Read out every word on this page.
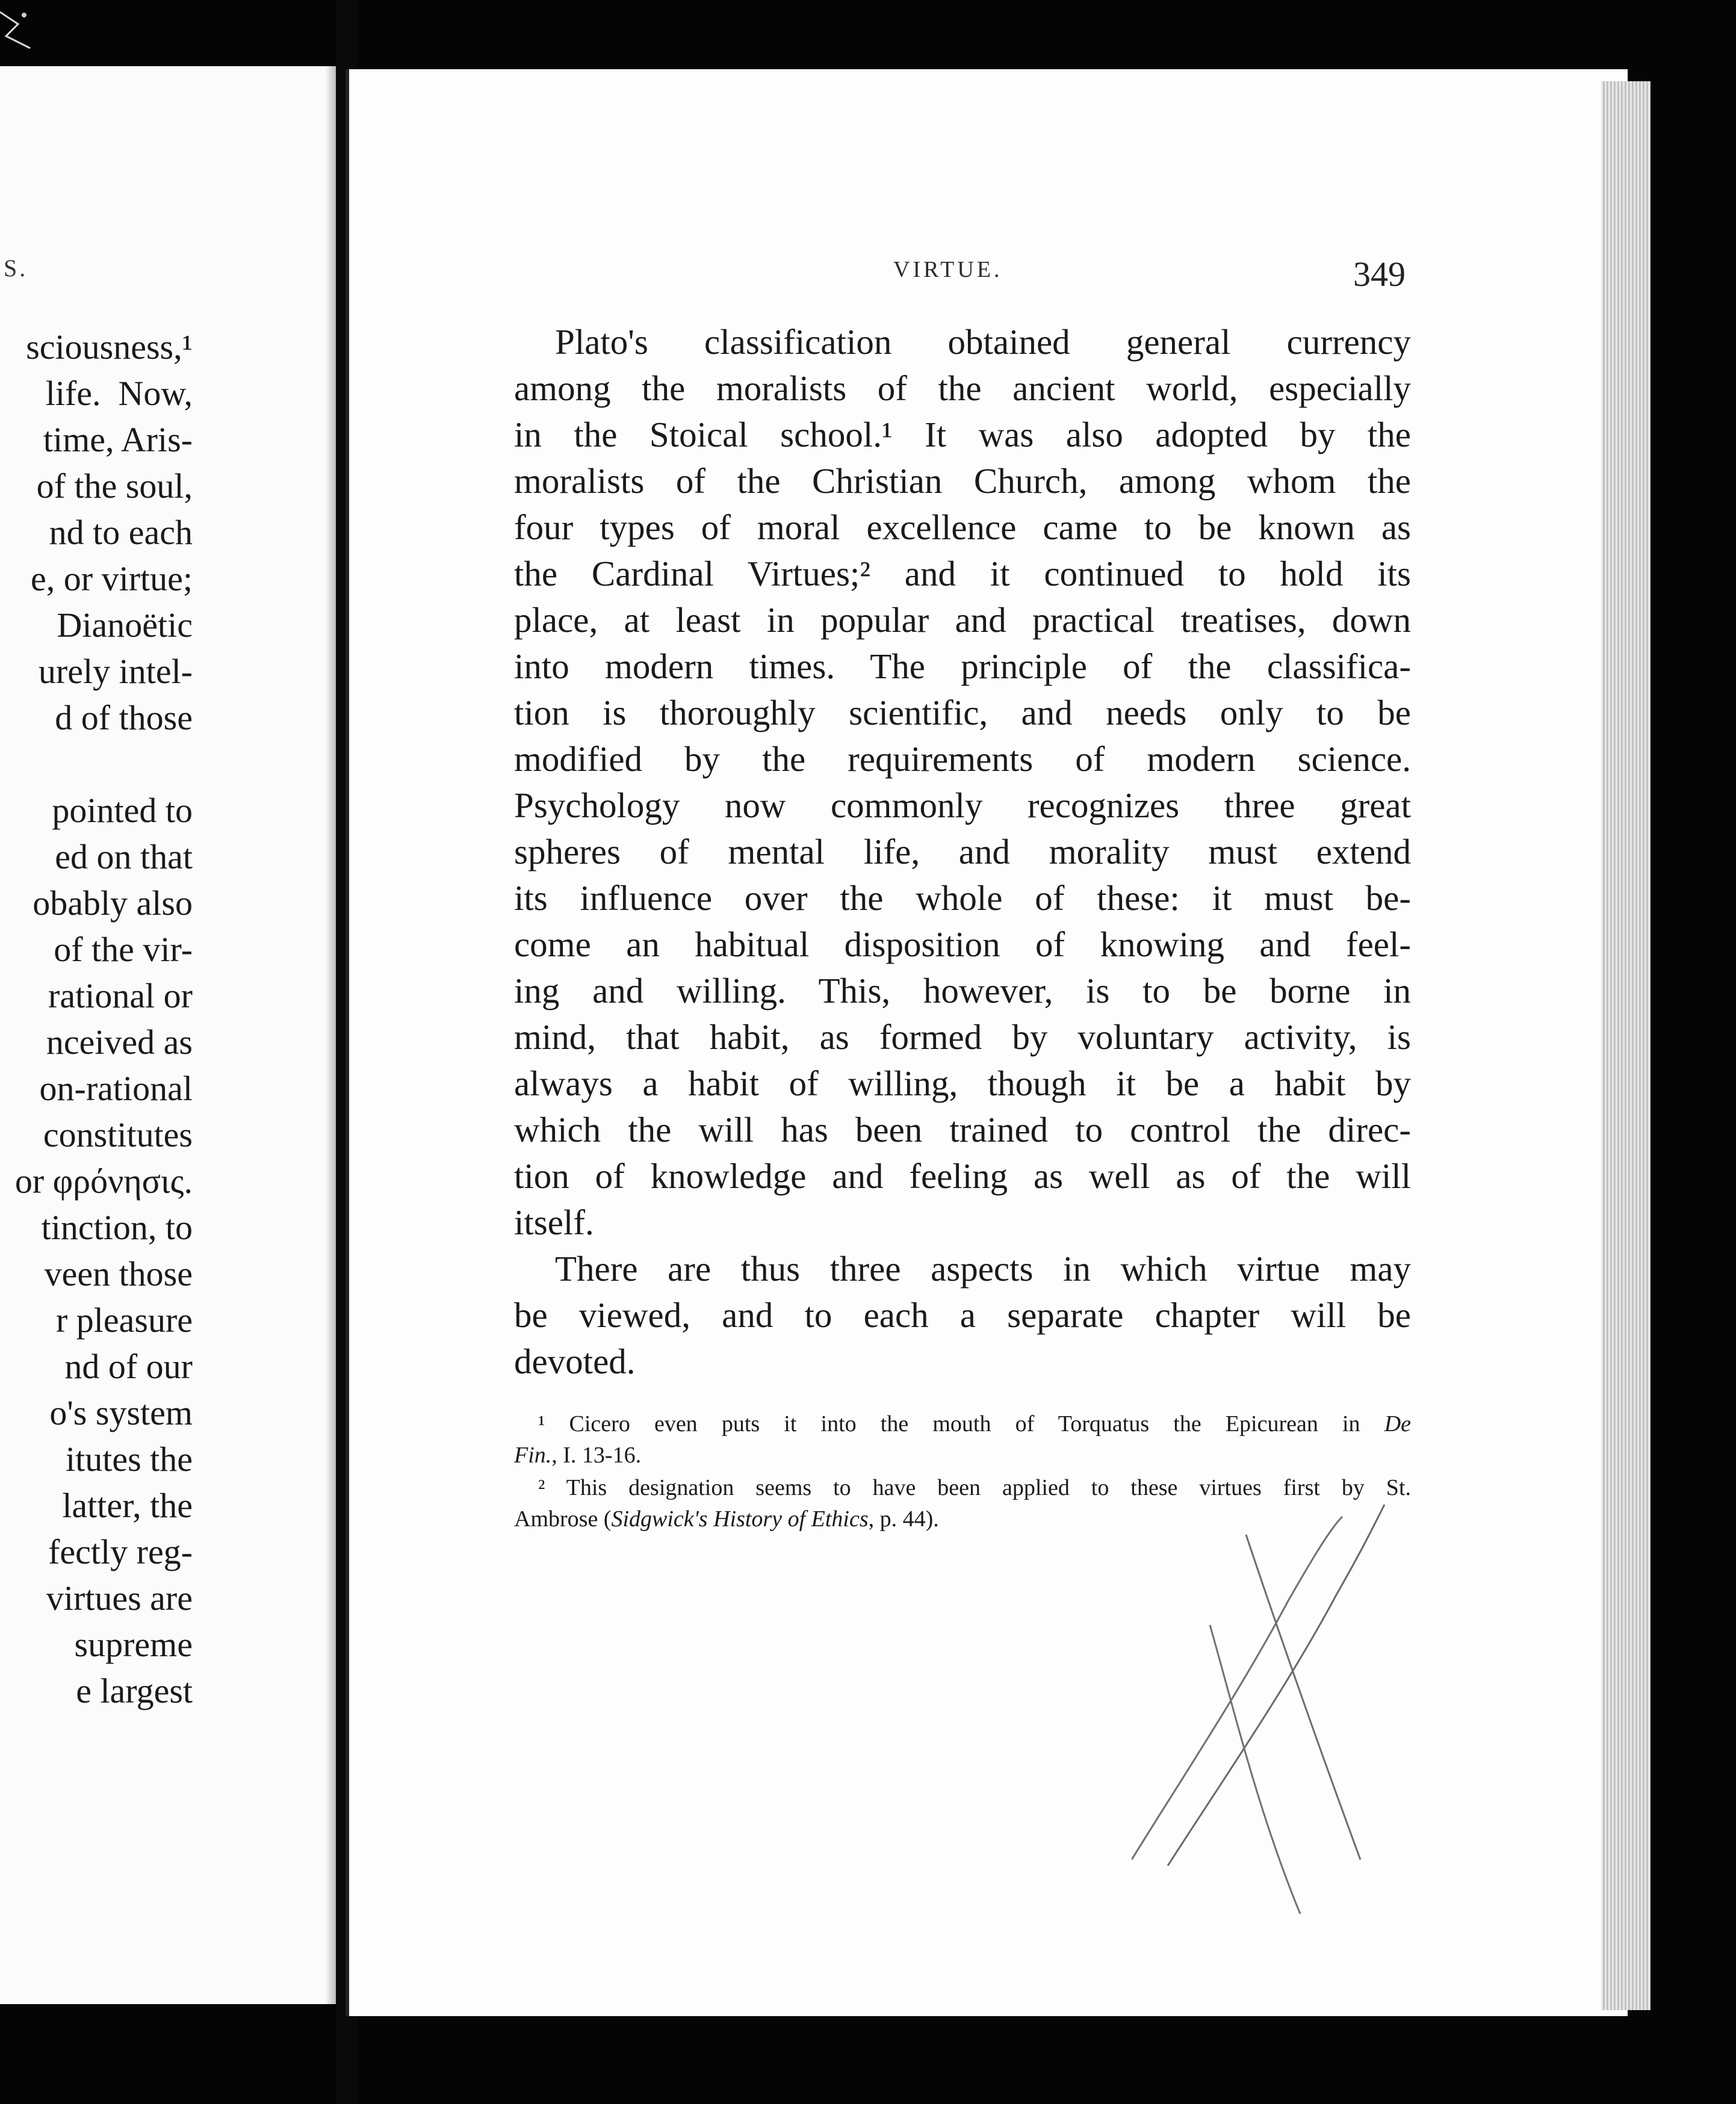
S.
sciousness,¹
life.  Now,
time, Aris-
of the soul,
nd to each
e, or virtue;
Dianoëtic
urely intel-
d of those
pointed to
ed on that
obably also
of the vir-
rational or
nceived as
on-rational
constitutes
or φρόνησις.
tinction, to
veen those
r pleasure
nd of our
o's system
itutes the
latter, the
fectly reg-
virtues are
supreme
e largest
VIRTUE.	349
Plato's classification obtained general currency
among the moralists of the ancient world, especially
in the Stoical school.¹ It was also adopted by the
moralists of the Christian Church, among whom the
four types of moral excellence came to be known as
the Cardinal Virtues;² and it continued to hold its
place, at least in popular and practical treatises, down
into modern times. The principle of the classifica-
tion is thoroughly scientific, and needs only to be
modified by the requirements of modern science.
Psychology now commonly recognizes three great
spheres of mental life, and morality must extend
its influence over the whole of these: it must be-
come an habitual disposition of knowing and feel-
ing and willing. This, however, is to be borne in
mind, that habit, as formed by voluntary activity, is
always a habit of willing, though it be a habit by
which the will has been trained to control the direc-
tion of knowledge and feeling as well as of the will
itself.
There are thus three aspects in which virtue may
be viewed, and to each a separate chapter will be
devoted.
¹ Cicero even puts it into the mouth of Torquatus the Epicurean in De
Fin., I. 13-16.
² This designation seems to have been applied to these virtues first by St.
Ambrose (Sidgwick's History of Ethics, p. 44).
